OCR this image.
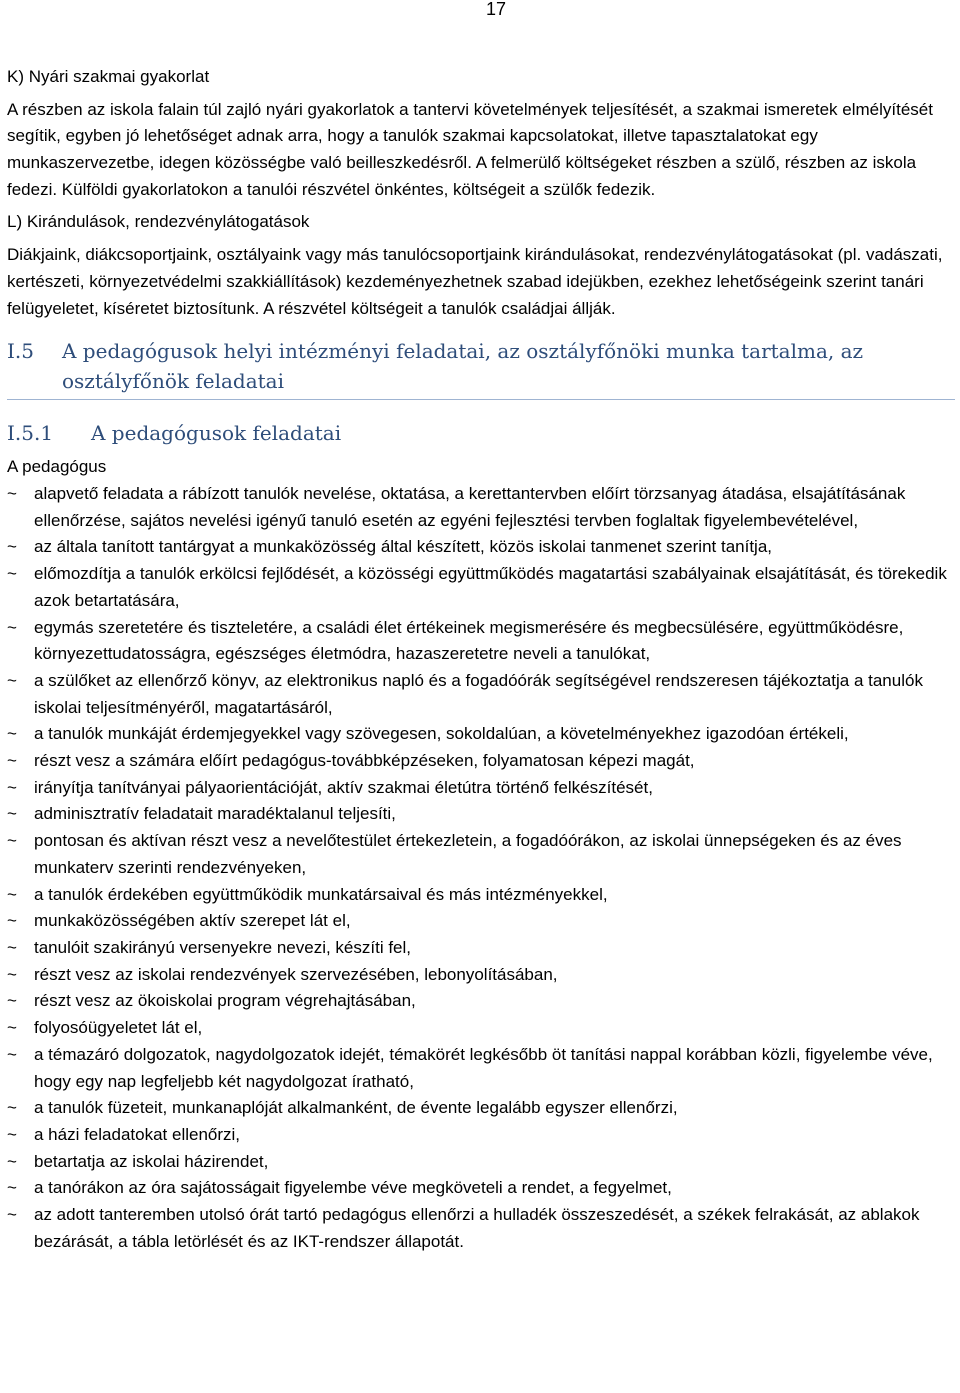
17

K) Nyári szakmai gyakorlat

A részben az iskola falain túl zajló nyári gyakorlatok a tantervi követelmények teljesítését, a szakmai ismeretek elmélyítését segítik, egyben jó lehetőséget adnak arra, hogy a tanulók szakmai kapcsolatokat, illetve tapasztalatokat egy munkaszervezetbe, idegen közösségbe való beilleszkedésről. A felmerülő költségeket részben a szülő, részben az iskola fedezi. Külföldi gyakorlatokon a tanulói részvétel önkéntes, költségeit a szülők fedezik.

L) Kirándulások, rendezvénylátogatások

Diákjaink, diákcsoportjaink, osztályaink vagy más tanulócsoportjaink kirándulásokat, rendezvénylátogatásokat (pl. vadászati, kertészeti, környezetvédelmi szakkiállítások) kezdeményezhetnek szabad idejükben, ezekhez lehetőségeink szerint tanári felügyeletet, kíséretet biztosítunk. A részvétel költségeit a tanulók családjai állják.

I.5	A pedagógusok helyi intézményi feladatai, az osztályfőnöki munka tartalma, az osztályfőnök feladatai
I.5.1	A pedagógusok feladatai

A pedagógus

~ alapvető feladata a rábízott tanulók nevelése, oktatása, a kerettantervben előírt törzsanyag átadása, elsajátításának ellenőrzése, sajátos nevelési igényű tanuló esetén az egyéni fejlesztési tervben foglaltak figyelembevételével,
~ az általa tanított tantárgyat a munkaközösség által készített, közös iskolai tanmenet szerint tanítja,
~ előmozdítja a tanulók erkölcsi fejlődését, a közösségi együttműködés magatartási szabályainak elsajátítását, és törekedik azok betartatására,
~ egymás szeretetére és tiszteletére, a családi élet értékeinek megismerésére és megbecsülésére, együttműködésre, környezettudatosságra, egészséges életmódra, hazaszeretetre neveli a tanulókat,
~ a szülőket az ellenőrző könyv, az elektronikus napló és a fogadóórák segítségével rendszeresen tájékoztatja a tanulók iskolai teljesítményéről, magatartásáról,
~ a tanulók munkáját érdemjegyekkel vagy szövegesen, sokoldalúan, a követelményekhez igazodóan értékeli,
~ részt vesz a számára előírt pedagógus-továbbképzéseken, folyamatosan képezi magát,
~ irányítja tanítványai pályaorientációját, aktív szakmai életútra történő felkészítését,
~ adminisztratív feladatait maradéktalanul teljesíti,
~ pontosan és aktívan részt vesz a nevelőtestület értekezletein, a fogadóórákon, az iskolai ünnepségeken és az éves munkaterv szerinti rendezvényeken,
~ a tanulók érdekében együttműködik munkatársaival és más intézményekkel,
~ munkaközösségében aktív szerepet lát el,
~ tanulóit szakirányú versenyekre nevezi, készíti fel,
~ részt vesz az iskolai rendezvények szervezésében, lebonyolításában,
~ részt vesz az ökoiskolai program végrehajtásában,
~ folyosóügyeletet lát el,
~ a témazáró dolgozatok, nagydolgozatok idejét, témakörét legkésőbb öt tanítási nappal korábban közli, figyelembe véve, hogy egy nap legfeljebb két nagydolgozat íratható,
~ a tanulók füzeteit, munkanaplóját alkalmanként, de évente legalább egyszer ellenőrzi,
~ a házi feladatokat ellenőrzi,
~ betartatja az iskolai házirendet,
~ a tanórákon az óra sajátosságait figyelembe véve megköveteli a rendet, a fegyelmet,
~ az adott tanteremben utolsó órát tartó pedagógus ellenőrzi a hulladék összeszedését, a székek felrakását, az ablakok bezárását, a tábla letörlését és az IKT-rendszer állapotát.
